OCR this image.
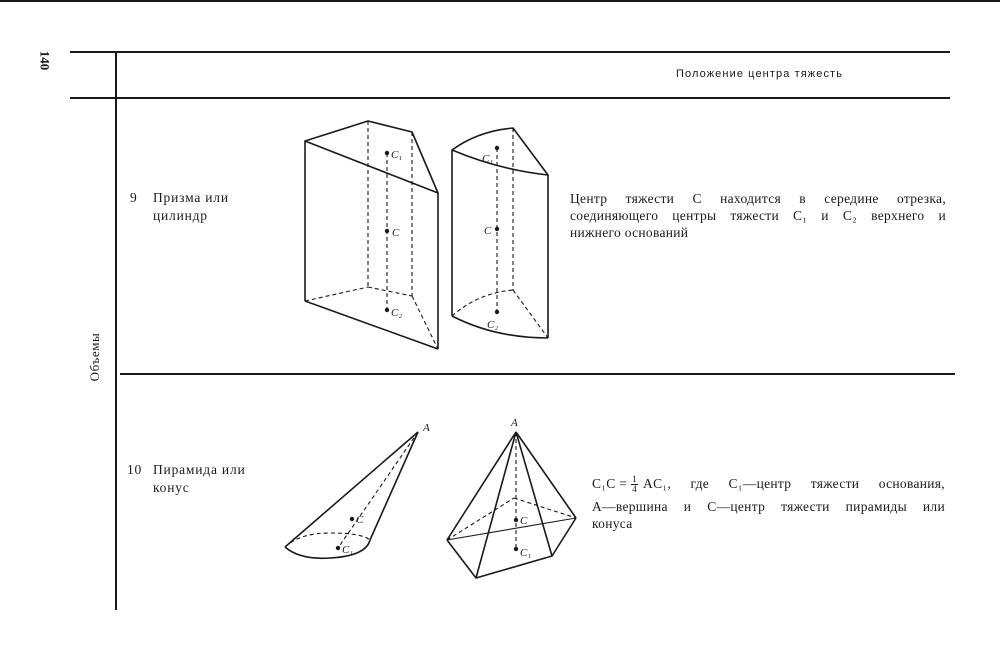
140
Объемы
Положение центра тяжесть
9 Призма или
цилиндр
Центр тяжести C находится в середине отрезка,
соединяющего центры тяжести C₁ и C₂ верхнего и
нижнего оснований
10 Пирамида или
конус	$C_1C = \frac{1}{4} AC_1$, где C₁—центр тяжести основания,
A—вершина и C—центр тяжести пирамиды или
конуса
C₁
C
C₂
C₁
C
C₂
A
C
C₁
A
C
C₁
